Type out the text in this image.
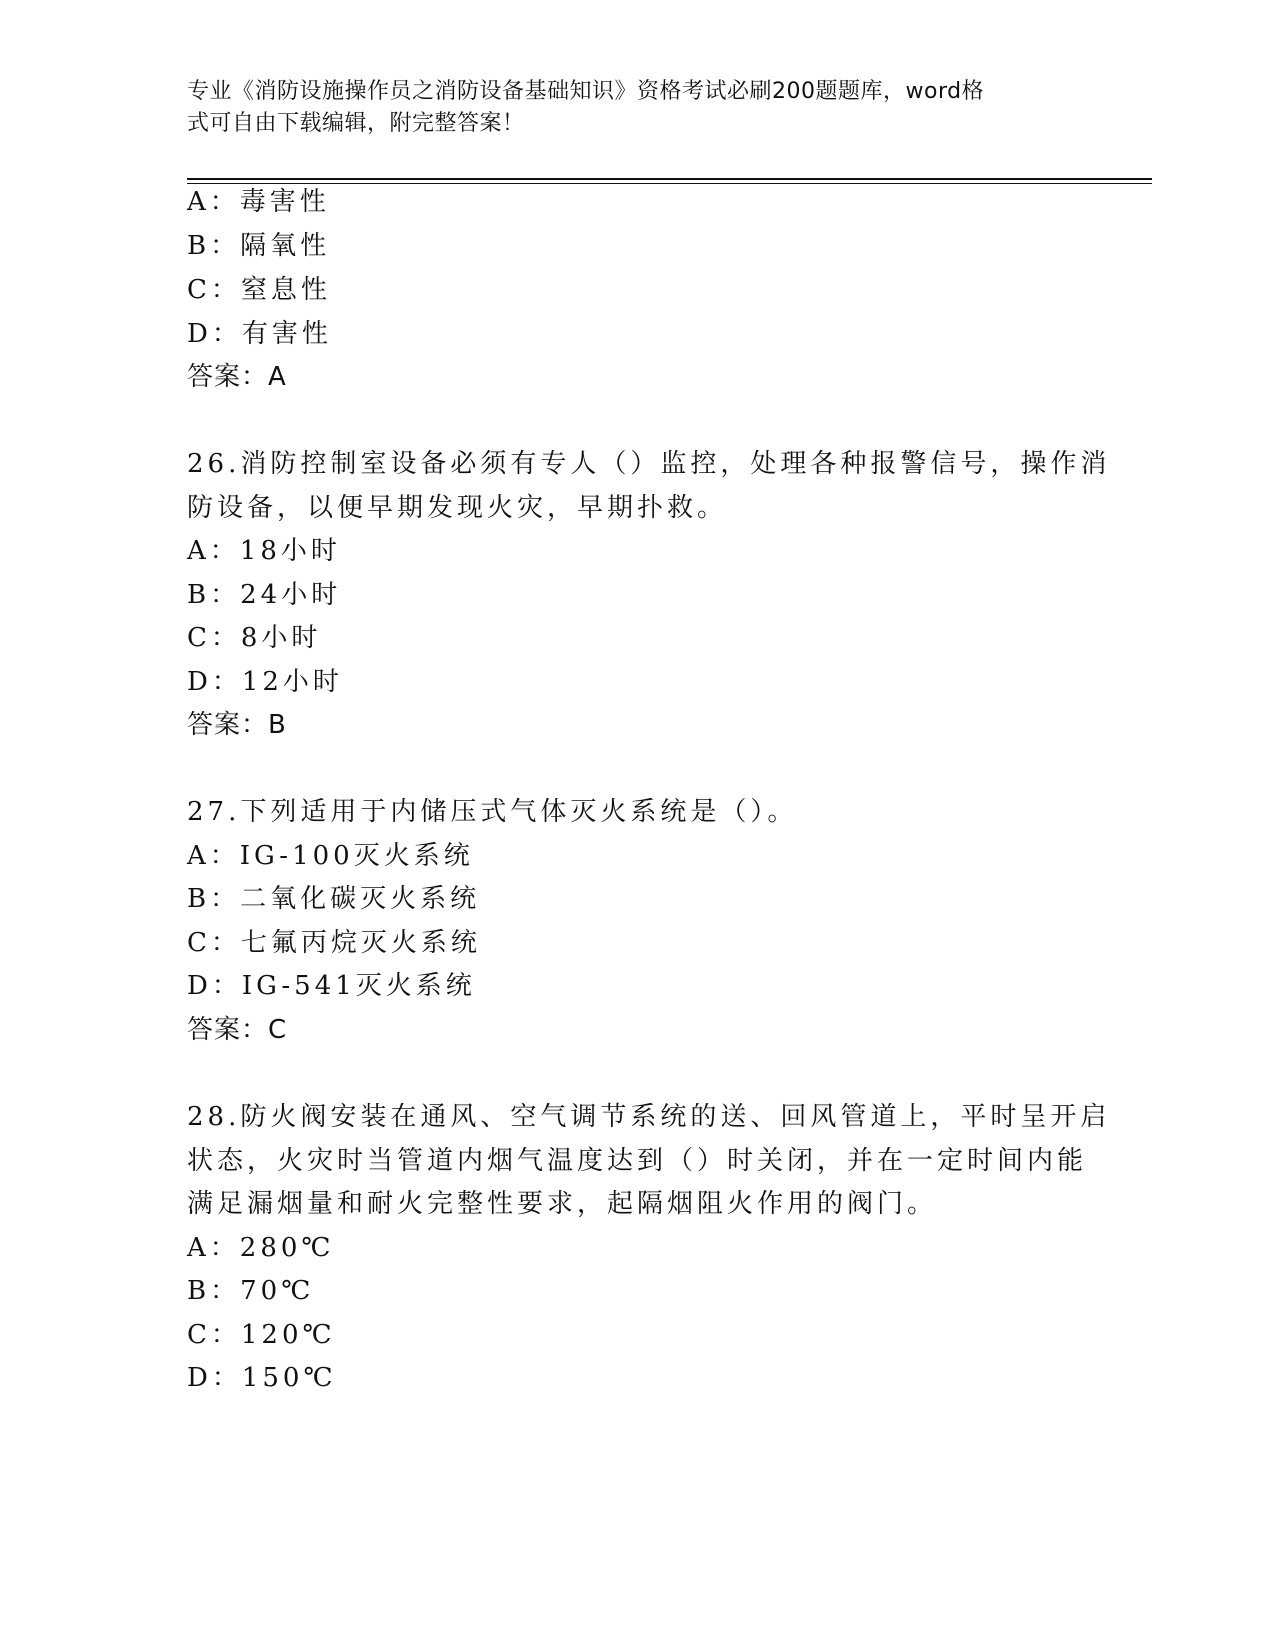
专业《消防设施操作员之消防设备基础知识》资格考试必刷200题题库，word格
式可自由下载编辑，附完整答案！
A：毒害性
B：隔氧性
C：窒息性
D：有害性
答案：A
26.消防控制室设备必须有专人（）监控，处理各种报警信号，操作消
防设备，以便早期发现火灾，早期扑救。
A：18小时
B：24小时
C：8小时
D：12小时
答案：B
27.下列适用于内储压式气体灭火系统是（）。
A：IG-100灭火系统
B：二氧化碳灭火系统
C：七氟丙烷灭火系统
D：IG-541灭火系统
答案：C
28.防火阀安装在通风、空气调节系统的送、回风管道上，平时呈开启
状态，火灾时当管道内烟气温度达到（）时关闭，并在一定时间内能
满足漏烟量和耐火完整性要求，起隔烟阻火作用的阀门。
A：280℃
B：70℃
C：120℃
D：150℃
